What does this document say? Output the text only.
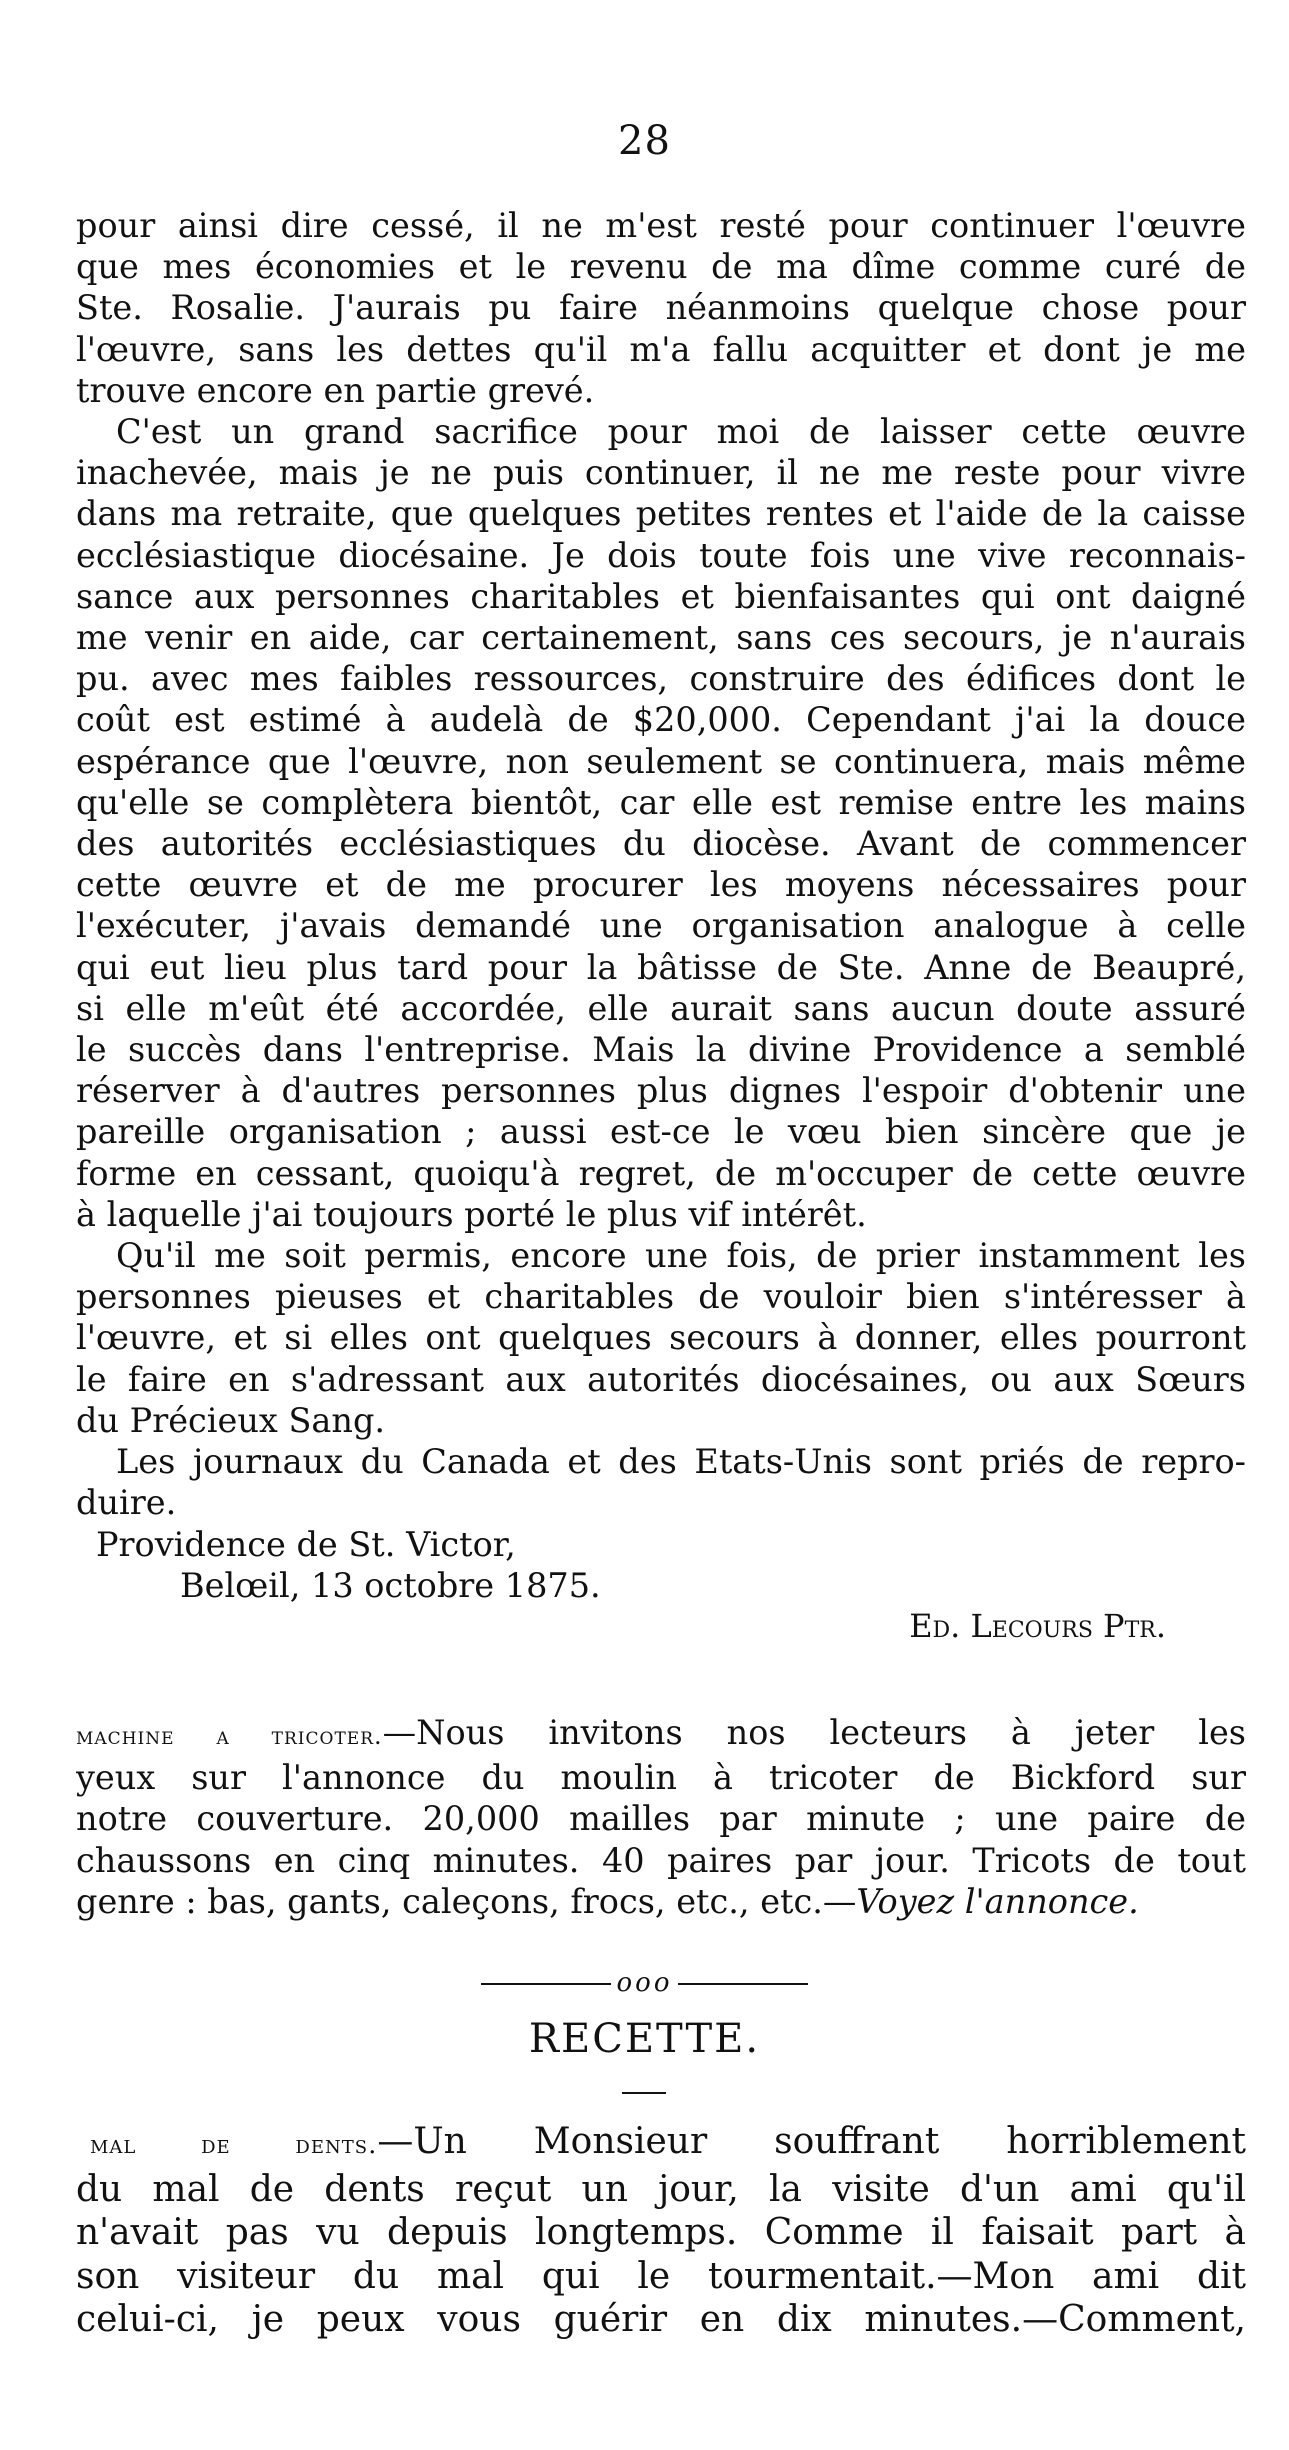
28
pour ainsi dire cessé, il ne m'est resté pour continuer l'œuvre
que mes économies et le revenu de ma dîme comme curé de
Ste. Rosalie. J'aurais pu faire néanmoins quelque chose pour
l'œuvre, sans les dettes qu'il m'a fallu acquitter et dont je me
trouve encore en partie grevé.
C'est un grand sacrifice pour moi de laisser cette œuvre
inachevée, mais je ne puis continuer, il ne me reste pour vivre
dans ma retraite, que quelques petites rentes et l'aide de la caisse
ecclésiastique diocésaine. Je dois toute fois une vive reconnais-
sance aux personnes charitables et bienfaisantes qui ont daigné
me venir en aide, car certainement, sans ces secours, je n'aurais
pu. avec mes faibles ressources, construire des édifices dont le
coût est estimé à audelà de $20,000. Cependant j'ai la douce
espérance que l'œuvre, non seulement se continuera, mais même
qu'elle se complètera bientôt, car elle est remise entre les mains
des autorités ecclésiastiques du diocèse. Avant de commencer
cette œuvre et de me procurer les moyens nécessaires pour
l'exécuter, j'avais demandé une organisation analogue à celle
qui eut lieu plus tard pour la bâtisse de Ste. Anne de Beaupré,
si elle m'eût été accordée, elle aurait sans aucun doute assuré
le succès dans l'entreprise. Mais la divine Providence a semblé
réserver à d'autres personnes plus dignes l'espoir d'obtenir une
pareille organisation ; aussi est-ce le vœu bien sincère que je
forme en cessant, quoiqu'à regret, de m'occuper de cette œuvre
à laquelle j'ai toujours porté le plus vif intérêt.
Qu'il me soit permis, encore une fois, de prier instamment les
personnes pieuses et charitables de vouloir bien s'intéresser à
l'œuvre, et si elles ont quelques secours à donner, elles pourront
le faire en s'adressant aux autorités diocésaines, ou aux Sœurs
du Précieux Sang.
Les journaux du Canada et des Etats-Unis sont priés de repro-
duire.
Providence de St. Victor,
Belœil, 13 octobre 1875.
Ed. Lecours Ptr.
machine a tricoter.—Nous invitons nos lecteurs à jeter les
yeux sur l'annonce du moulin à tricoter de Bickford sur
notre couverture. 20,000 mailles par minute ; une paire de
chaussons en cinq minutes. 40 paires par jour. Tricots de tout
genre : bas, gants, caleçons, frocs, etc., etc.—Voyez l'annonce.
ooo
RECETTE.
mal de dents.—Un Monsieur souffrant horriblement
du mal de dents reçut un jour, la visite d'un ami qu'il
n'avait pas vu depuis longtemps. Comme il faisait part à
son visiteur du mal qui le tourmentait.—Mon ami dit
celui-ci, je peux vous guérir en dix minutes.—Comment,
